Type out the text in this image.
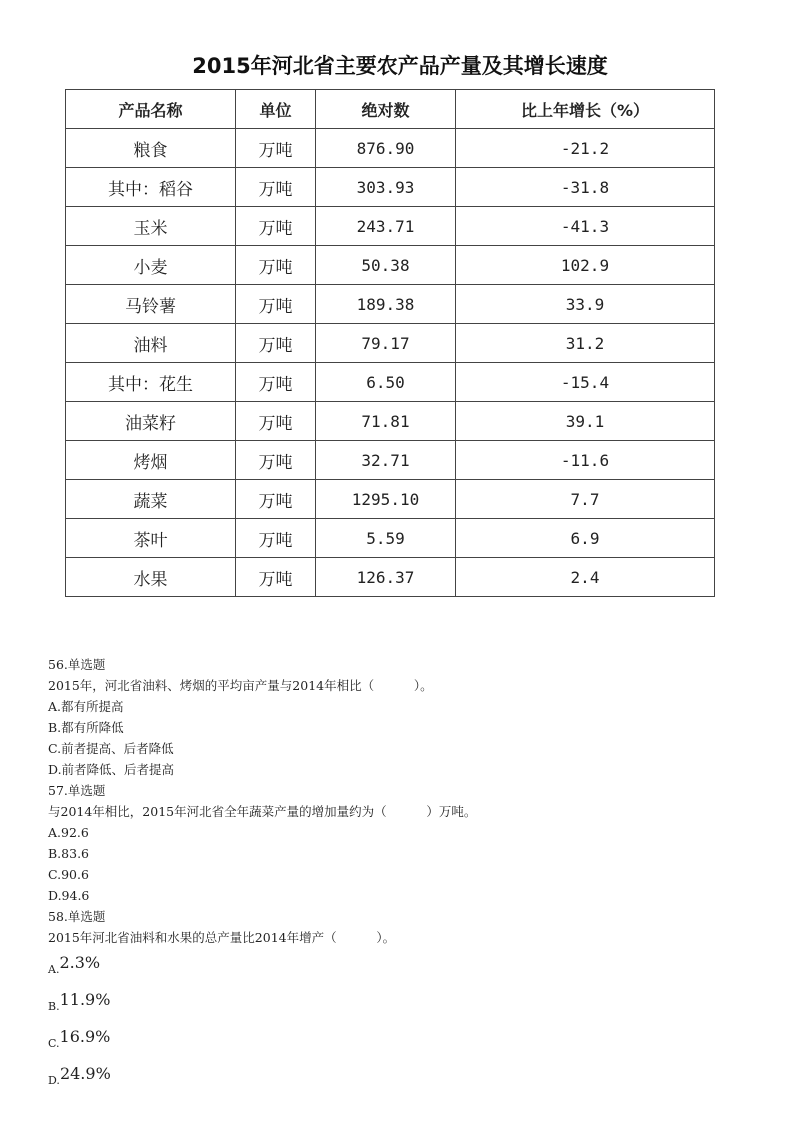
2015年河北省主要农产品产量及其增长速度
产品名称	单位	绝对数	比上年增长（%）
粮食	万吨	876.90	-21.2
其中：稻谷	万吨	303.93	-31.8
玉米	万吨	243.71	-41.3
小麦	万吨	50.38	102.9
马铃薯	万吨	189.38	33.9
油料	万吨	79.17	31.2
其中：花生	万吨	6.50	-15.4
油菜籽	万吨	71.81	39.1
烤烟	万吨	32.71	-11.6
蔬菜	万吨	1295.10	7.7
茶叶	万吨	5.59	6.9
水果	万吨	126.37	2.4
56.单选题
2015年，河北省油料、烤烟的平均亩产量与2014年相比（          ）。
A.都有所提高
B.都有所降低
C.前者提高、后者降低
D.前者降低、后者提高
57.单选题
与2014年相比，2015年河北省全年蔬菜产量的增加量约为（          ）万吨。
A.92.6
B.83.6
C.90.6
D.94.6
58.单选题
2015年河北省油料和水果的总产量比2014年增产（          ）。
$_{A.}$2.3%
$_{B.}$11.9%
$_{C.}$16.9%
$_{D.}$24.9%
